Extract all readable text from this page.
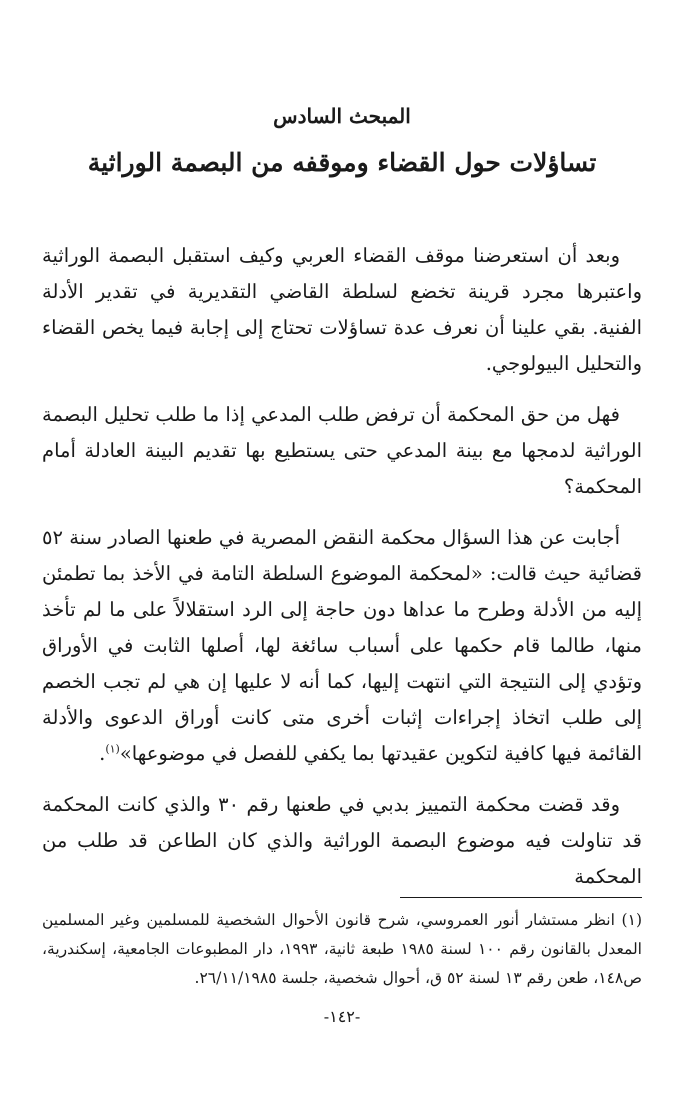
المبحث السادس
تساؤلات حول القضاء وموقفه من البصمة الوراثية

وبعد أن استعرضنا موقف القضاء العربي وكيف استقبل البصمة الوراثية واعتبرها مجرد قرينة تخضع لسلطة القاضي التقديرية في تقدير الأدلة الفنية. بقي علينا أن نعرف عدة تساؤلات تحتاج إلى إجابة فيما يخص القضاء والتحليل البيولوجي.

فهل من حق المحكمة أن ترفض طلب المدعي إذا ما طلب تحليل البصمة الوراثية لدمجها مع بينة المدعي حتى يستطيع بها تقديم البينة العادلة أمام المحكمة؟

أجابت عن هذا السؤال محكمة النقض المصرية في طعنها الصادر سنة ٥٢ قضائية حيث قالت: «لمحكمة الموضوع السلطة التامة في الأخذ بما تطمئن إليه من الأدلة وطرح ما عداها دون حاجة إلى الرد استقلالاً على ما لم تأخذ منها، طالما قام حكمها على أسباب سائغة لها، أصلها الثابت في الأوراق وتؤدي إلى النتيجة التي انتهت إليها، كما أنه لا عليها إن هي لم تجب الخصم إلى طلب اتخاذ إجراءات إثبات أخرى متى كانت أوراق الدعوى والأدلة القائمة فيها كافية لتكوين عقيدتها بما يكفي للفصل في موضوعها»$^{(١)}$.

وقد قضت محكمة التمييز بدبي في طعنها رقم ٣٠ والذي كانت المحكمة قد تناولت فيه موضوع البصمة الوراثية والذي كان الطاعن قد طلب من المحكمة

(١) انظر مستشار أنور العمروسي، شرح قانون الأحوال الشخصية للمسلمين وغير المسلمين المعدل بالقانون رقم ١٠٠ لسنة ١٩٨٥ طبعة ثانية، ١٩٩٣، دار المطبوعات الجامعية، إسكندرية، ص١٤٨، طعن رقم ١٣ لسنة ٥٢ ق، أحوال شخصية، جلسة ٢٦/١١/١٩٨٥.

-١٤٢-
